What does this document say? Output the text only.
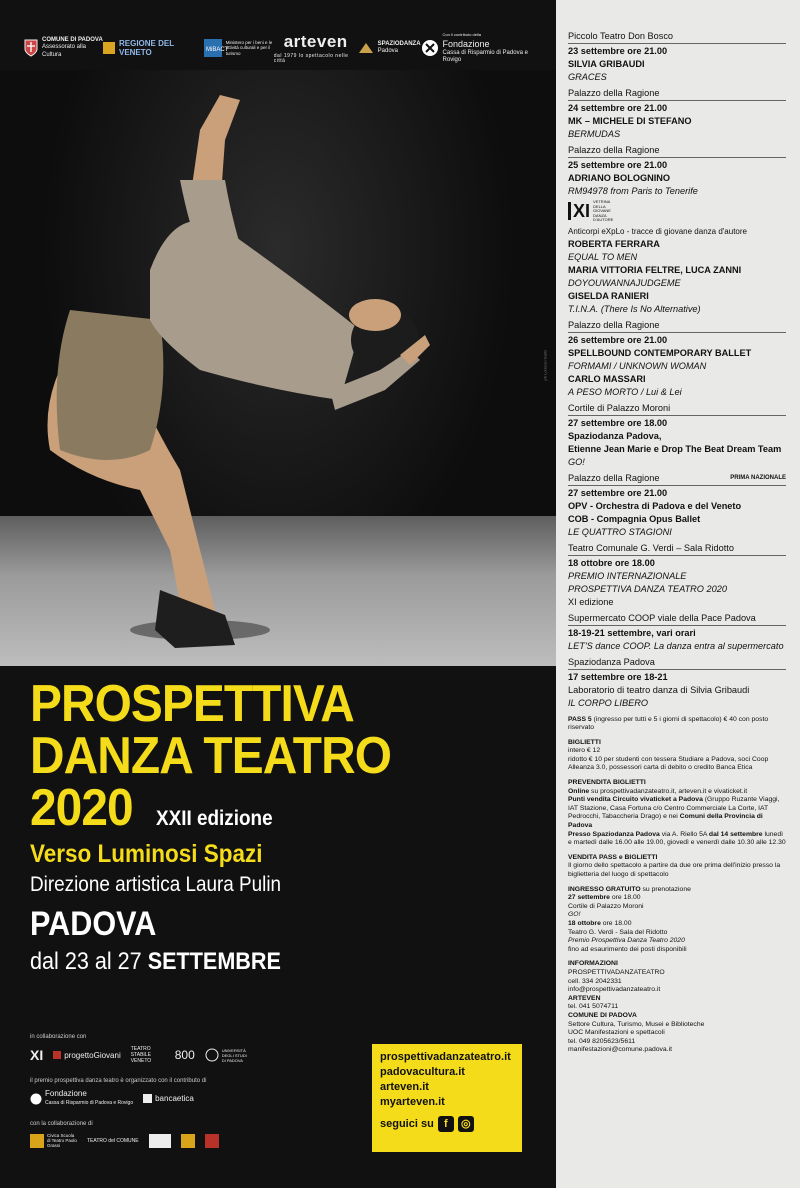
COMUNE DI PADOVA
Assessorato alla Cultura
REGIONE DEL VENETO	MiBACT
Ministero per i beni e le attività culturali e per il turismo
arteven
dal 1979 lo spettacolo nelle città
SPAZIODANZA
Padova
Con il contributo della
Fondazione
Cassa di Risparmio di Padova e Rovigo
ph Lorenzo Gallo
PROSPETTIVA
DANZA TEATRO
2020 XXII edizione
Verso Luminosi Spazi
Direzione artistica Laura Pulin
PADOVA
dal 23 al 27 SETTEMBRE
in collaborazione con
XI	progettoGiovani
TEATRO STABILE VENETO	800	UNIVERSITÀ DEGLI STUDI DI PADOVA
il premio prospettiva danza teatro è organizzato con il contributo di
Fondazione
Cassa di Risparmio di Padova e Rovigo	bancaetica
con la collaborazione di
Civica Scuola di Teatro Paolo Grassi
TEATRO del COMUNE
prospettivadanzateatro.it
padovacultura.it
arteven.it
myarteven.it
seguici su f	◎
Piccolo Teatro Don Bosco
23 settembre ore 21.00
SILVIA GRIBAUDI
GRACES
Palazzo della Ragione
24 settembre ore 21.00
MK – MICHELE DI STEFANO
BERMUDAS
Palazzo della Ragione
25 settembre ore 21.00
ADRIANO BOLOGNINO
RM94978 from Paris to Tenerife
XI VETRINA DELLA GIOVANE DANZA D'AUTORE
Anticorpi eXpLo - tracce di giovane danza d'autore
ROBERTA FERRARA
EQUAL TO MEN
MARIA VITTORIA FELTRE, LUCA ZANNI
DOYOUWANNAJUDGEME
GISELDA RANIERI
T.I.N.A. (There Is No Alternative)
Palazzo della Ragione
26 settembre ore 21.00
SPELLBOUND CONTEMPORARY BALLET
FORMAMI / UNKNOWN WOMAN
CARLO MASSARI
A PESO MORTO / Lui & Lei
Cortile di Palazzo Moroni
27 settembre ore 18.00
Spaziodanza Padova,
Etienne Jean Marie e Drop The Beat Dream Team
GO!
Palazzo della Ragione	PRIMA NAZIONALE
27 settembre ore 21.00
OPV - Orchestra di Padova e del Veneto
COB - Compagnia Opus Ballet
LE QUATTRO STAGIONI
Teatro Comunale G. Verdi – Sala Ridotto
18 ottobre ore 18.00
PREMIO INTERNAZIONALE
PROSPETTIVA DANZA TEATRO 2020
XI edizione
Supermercato COOP viale della Pace Padova
18-19-21 settembre, vari orari
LET'S dance COOP. La danza entra al supermercato
Spaziodanza Padova
17 settembre ore 18-21
Laboratorio di teatro danza di Silvia Gribaudi
IL CORPO LIBERO
PASS 5 (ingresso per tutti e 5 i giorni di spettacolo) € 40 con posto riservato
BIGLIETTI
intero € 12
ridotto € 10 per studenti con tessera Studiare a Padova, soci Coop Alleanza 3.0, possessori carta di debito o credito Banca Etica
PREVENDITA BIGLIETTI
Online su prospettivadanzateatro.it, arteven.it e vivaticket.it
Punti vendita Circuito vivaticket a Padova (Gruppo Ruzante Viaggi, IAT Stazione, Casa Fortuna c/o Centro Commerciale La Corte, IAT Pedrocchi, Tabaccheria Drago) e nei Comuni della Provincia di Padova
Presso Spaziodanza Padova via A. Riello 5A dal 14 settembre lunedì e martedì dalle 16.00 alle 19.00, giovedì e venerdì dalle 10.30 alle 12.30
VENDITA PASS e BIGLIETTI
Il giorno dello spettacolo a partire da due ore prima dell'inizio presso la biglietteria del luogo di spettacolo
INGRESSO GRATUITO su prenotazione
27 settembre ore 18.00
Cortile di Palazzo Moroni
GO!
18 ottobre ore 18.00
Teatro G. Verdi - Sala del Ridotto
Premio Prospettiva Danza Teatro 2020
fino ad esaurimento dei posti disponibili
INFORMAZIONI
PROSPETTIVADANZATEATRO
cell. 334 2042331
info@prospettivadanzateatro.it
ARTEVEN
tel. 041 5074711
COMUNE DI PADOVA
Settore Cultura, Turismo, Musei e Biblioteche
UOC Manifestazioni e spettacoli
tel. 049 8205623/5611
manifestazioni@comune.padova.it
